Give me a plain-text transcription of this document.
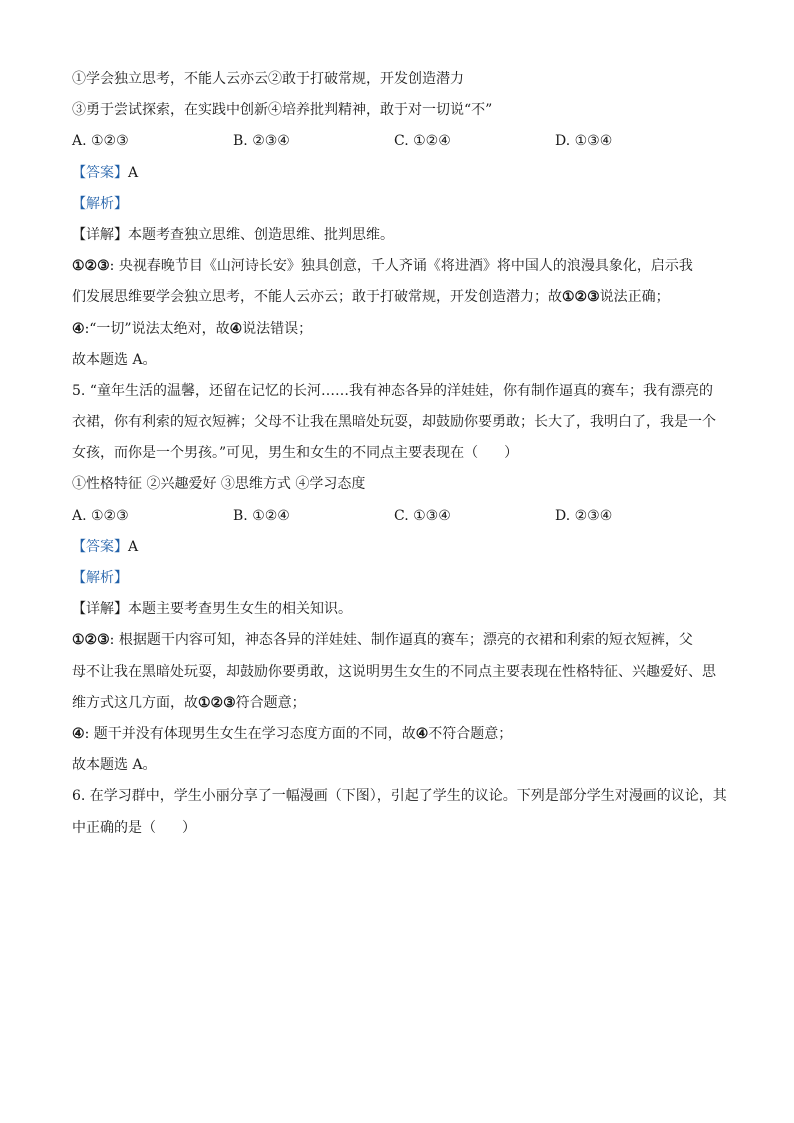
①学会独立思考，不能人云亦云②敢于打破常规，开发创造潜力
③勇于尝试探索，在实践中创新④培养批判精神，敢于对一切说“不”
A. ①②③	B. ②③④	C. ①②④	D. ①③④
【答案】A
【解析】
【详解】本题考查独立思维、创造思维、批判思维。
①②③: 央视春晚节目《山河诗长安》独具创意，千人齐诵《将进酒》将中国人的浪漫具象化，启示我
们发展思维要学会独立思考，不能人云亦云；敢于打破常规，开发创造潜力；故①②③说法正确；
④:“一切”说法太绝对，故④说法错误；
故本题选 A。
5. “童年生活的温馨，还留在记忆的长河……我有神态各异的洋娃娃，你有制作逼真的赛车；我有漂亮的
衣裙，你有利索的短衣短裤；父母不让我在黑暗处玩耍，却鼓励你要勇敢；长大了，我明白了，我是一个
女孩，而你是一个男孩。”可见，男生和女生的不同点主要表现在（ ）
①性格特征 ②兴趣爱好 ③思维方式 ④学习态度
A. ①②③	B. ①②④	C. ①③④	D. ②③④
【答案】A
【解析】
【详解】本题主要考查男生女生的相关知识。
①②③: 根据题干内容可知，神态各异的洋娃娃、制作逼真的赛车；漂亮的衣裙和利索的短衣短裤，父
母不让我在黑暗处玩耍，却鼓励你要勇敢，这说明男生女生的不同点主要表现在性格特征、兴趣爱好、思
维方式这几方面，故①②③符合题意；
④: 题干并没有体现男生女生在学习态度方面的不同，故④不符合题意；
故本题选 A。
6. 在学习群中，学生小丽分享了一幅漫画（下图），引起了学生的议论。下列是部分学生对漫画的议论，其
中正确的是（ ）
